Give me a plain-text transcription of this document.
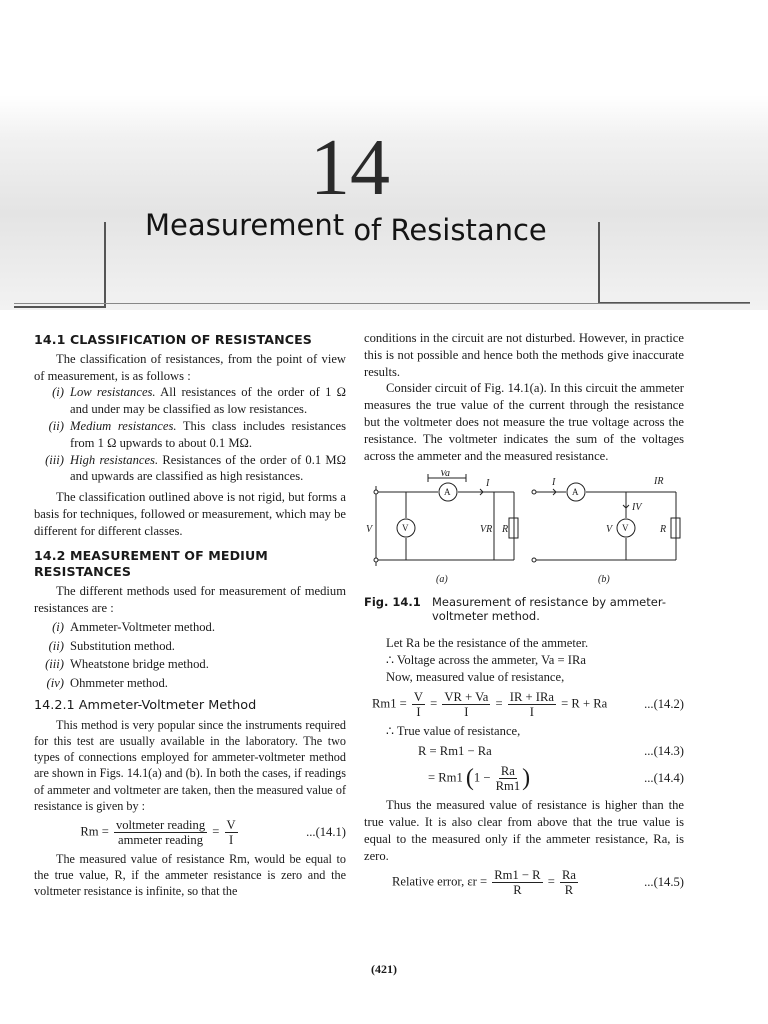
14
Measurement of Resistance
14.1 CLASSIFICATION OF RESISTANCES

The classification of resistances, from the point of view of measurement, is as follows :

(i) Low resistances. All resistances of the order of 1 Ω and under may be classified as low resistances.
(ii) Medium resistances. This class includes resistances from 1 Ω upwards to about 0.1 MΩ.
(iii) High resistances. Resistances of the order of 0.1 MΩ and upwards are classified as high resistances.

The classification outlined above is not rigid, but forms a basis for techniques, followed or measurement, which may be different for different classes.

14.2 MEASUREMENT OF MEDIUM RESISTANCES

The different methods used for measurement of medium resistances are :

(i) Ammeter-Voltmeter method.
(ii) Substitution method.
(iii) Wheatstone bridge method.
(iv) Ohmmeter method.
14.2.1 Ammeter-Voltmeter Method

This method is very popular since the instruments required for this test are usually available in the laboratory. The two types of connections employed for ammeter-voltmeter method are shown in Figs. 14.1(a) and (b). In both the cases, if readings of ammeter and voltmeter are taken, then the measured value of resistance is given by :

$Rm = \frac{\text{voltmeter reading}}{\text{ammeter reading}} = \frac{V}{I}$	...(14.1)

The measured value of resistance Rm, would be equal to the true value, R, if the ammeter resistance is zero and the voltmeter resistance is infinite, so that the

conditions in the circuit are not disturbed. However, in practice this is not possible and hence both the methods give inaccurate results.

Consider circuit of Fig. 14.1(a). In this circuit the ammeter measures the true value of the current through the resistance but the voltmeter does not measure the true voltage across the resistance. The voltmeter indicates the sum of the voltages across the ammeter and the measured resistance.

A
V
Va
I
VR R
V
(a)
A
V
I	IR
IV
V	R
(b)
Fig. 14.1 Measurement of resistance by ammeter-voltmeter method.

Let Ra be the resistance of the ammeter.

∴ Voltage across the ammeter, Va = IRa

Now, measured value of resistance,

$Rm1 = \frac{V}{I} = \frac{VR + Va}{I} = \frac{\text{IR + IRa}}{I} = R + Ra$	...(14.2)

∴ True value of resistance,

R = Rm1 − Ra	...(14.3)
= Rm1 ($1 - \frac{Ra}{Rm1}$ )	...(14.4)

Thus the measured value of resistance is higher than the true value. It is also clear from above that the true value is equal to the measured only if the ammeter resistance, Ra, is zero.

Relative error, $\varepsilon r = \frac{Rm1 - R}{R} = \frac{Ra}{R}$	...(14.5)
(421)
